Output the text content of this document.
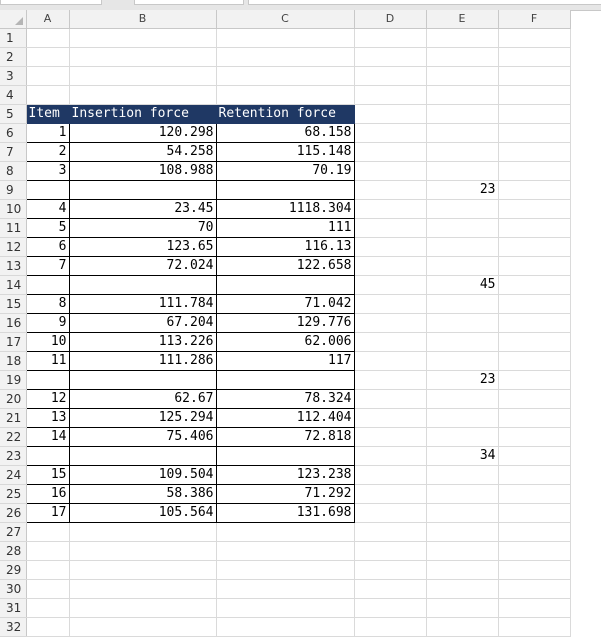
	A	B	C	D	E	F
1						
2						
3						
4						
5	Item	Insertion force	Retention force			
6	1	120.298	68.158			
7	2	54.258	115.148			
8	3	108.988	70.19			
9					23	
10	4	23.45	1118.304			
11	5	70	111			
12	6	123.65	116.13			
13	7	72.024	122.658			
14					45	
15	8	111.784	71.042			
16	9	67.204	129.776			
17	10	113.226	62.006			
18	11	111.286	117			
19					23	
20	12	62.67	78.324			
21	13	125.294	112.404			
22	14	75.406	72.818			
23					34	
24	15	109.504	123.238			
25	16	58.386	71.292			
26	17	105.564	131.698			
27						
28						
29						
30						
31						
32						
